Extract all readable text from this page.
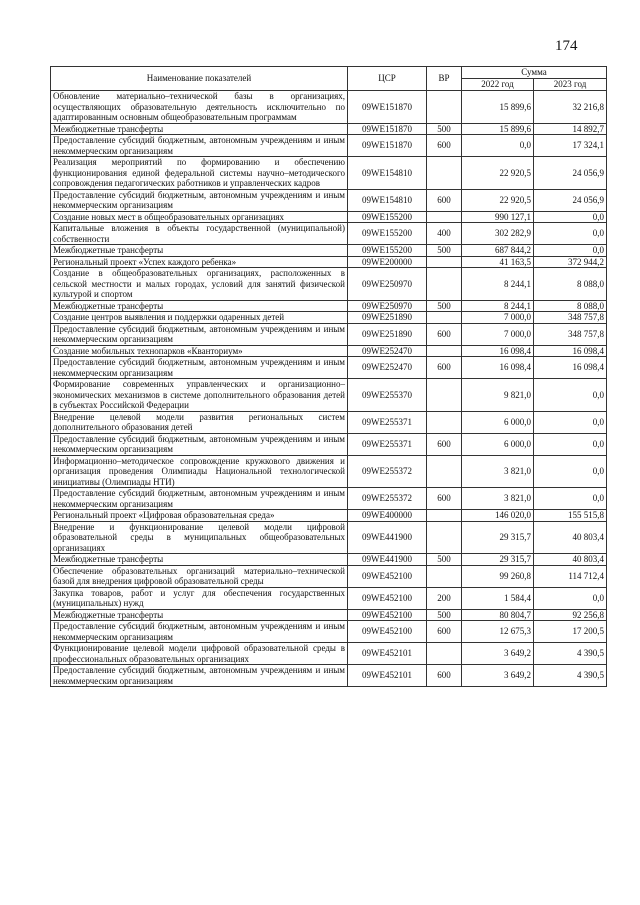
174
Наименование показателей	ЦСР	ВР	Сумма	
			2022 год	2023 год
Обновление материально–технической базы в организациях, осуществляющих образовательную деятельность исключительно по адаптированным основным общеобразовательным программам	09WE151870		15 899,6	32 216,8
Межбюджетные трансферты	09WE151870	500	15 899,6	14 892,7
Предоставление субсидий бюджетным, автономным учреждениям и иным некоммерческим организациям	09WE151870	600	0,0	17 324,1
Реализация мероприятий по формированию и обеспечению функционирования единой федеральной системы научно–методического сопровождения педагогических работников и управленческих кадров	09WE154810		22 920,5	24 056,9
Предоставление субсидий бюджетным, автономным учреждениям и иным некоммерческим организациям	09WE154810	600	22 920,5	24 056,9
Создание новых мест в общеобразовательных организациях	09WE155200		990 127,1	0,0
Капитальные вложения в объекты государственной (муниципальной) собственности	09WE155200	400	302 282,9	0,0
Межбюджетные трансферты	09WE155200	500	687 844,2	0,0
Региональный проект «Успех каждого ребенка»	09WE200000		41 163,5	372 944,2
Создание в общеобразовательных организациях, расположенных в сельской местности и малых городах, условий для занятий физической культурой и спортом	09WE250970		8 244,1	8 088,0
Межбюджетные трансферты	09WE250970	500	8 244,1	8 088,0
Создание центров выявления и поддержки одаренных детей	09WE251890		7 000,0	348 757,8
Предоставление субсидий бюджетным, автономным учреждениям и иным некоммерческим организациям	09WE251890	600	7 000,0	348 757,8
Создание мобильных технопарков «Кванториум»	09WE252470		16 098,4	16 098,4
Предоставление субсидий бюджетным, автономным учреждениям и иным некоммерческим организациям	09WE252470	600	16 098,4	16 098,4
Формирование современных управленческих и организационно–экономических механизмов в системе дополнительного образования детей в субъектах Российской Федерации	09WE255370		9 821,0	0,0
Внедрение целевой модели развития региональных систем дополнительного образования детей	09WE255371		6 000,0	0,0
Предоставление субсидий бюджетным, автономным учреждениям и иным некоммерческим организациям	09WE255371	600	6 000,0	0,0
Информационно–методическое сопровождение кружкового движения и организация проведения Олимпиады Национальной технологической инициативы (Олимпиады НТИ)	09WE255372		3 821,0	0,0
Предоставление субсидий бюджетным, автономным учреждениям и иным некоммерческим организациям	09WE255372	600	3 821,0	0,0
Региональный проект «Цифровая образовательная среда»	09WE400000		146 020,0	155 515,8
Внедрение и функционирование целевой модели цифровой образовательной среды в муниципальных общеобразовательных организациях	09WE441900		29 315,7	40 803,4
Межбюджетные трансферты	09WE441900	500	29 315,7	40 803,4
Обеспечение образовательных организаций материально–технической базой для внедрения цифровой образовательной среды	09WE452100		99 260,8	114 712,4
Закупка товаров, работ и услуг для обеспечения государственных (муниципальных) нужд	09WE452100	200	1 584,4	0,0
Межбюджетные трансферты	09WE452100	500	80 804,7	92 256,8
Предоставление субсидий бюджетным, автономным учреждениям и иным некоммерческим организациям	09WE452100	600	12 675,3	17 200,5
Функционирование целевой модели цифровой образовательной среды в профессиональных образовательных организациях	09WE452101		3 649,2	4 390,5
Предоставление субсидий бюджетным, автономным учреждениям и иным некоммерческим организациям	09WE452101	600	3 649,2	4 390,5
